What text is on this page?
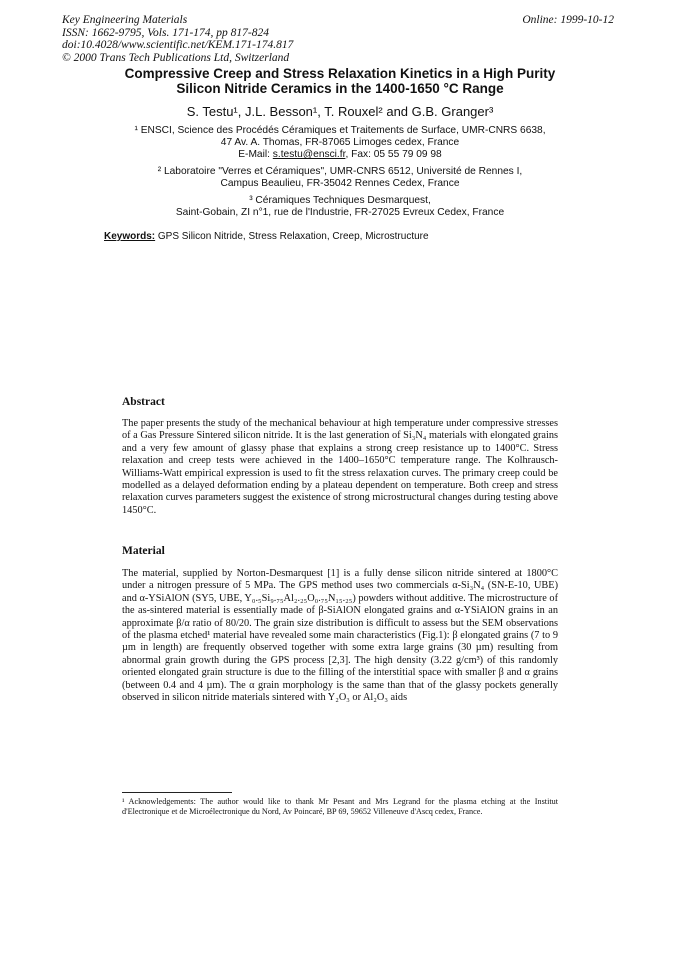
Key Engineering Materials
ISSN: 1662-9795, Vols. 171-174, pp 817-824
doi:10.4028/www.scientific.net/KEM.171-174.817
© 2000 Trans Tech Publications Ltd, Switzerland
Online: 1999-10-12
Compressive Creep and Stress Relaxation Kinetics in a High Purity
Silicon Nitride Ceramics in the 1400-1650 °C Range
S. Testu¹, J.L. Besson¹, T. Rouxel² and G.B. Granger³
¹ ENSCI, Science des Procédés Céramiques et Traitements de Surface, UMR-CNRS 6638,
47 Av. A. Thomas, FR-87065 Limoges cedex, France
E-Mail: s.testu@ensci.fr, Fax: 05 55 79 09 98
² Laboratoire "Verres et Céramiques", UMR-CNRS 6512, Université de Rennes I,
Campus Beaulieu, FR-35042 Rennes Cedex, France
³ Céramiques Techniques Desmarquest,
Saint-Gobain, ZI n°1, rue de l'Industrie, FR-27025 Evreux Cedex, France
Keywords: GPS Silicon Nitride, Stress Relaxation, Creep, Microstructure
Abstract
The paper presents the study of the mechanical behaviour at high temperature under compressive stresses of a Gas Pressure Sintered silicon nitride. It is the last generation of Si₃N₄ materials with elongated grains and a very few amount of glassy phase that explains a strong creep resistance up to 1400°C. Stress relaxation and creep tests were achieved in the 1400–1650°C temperature range. The Kolhrausch-Williams-Watt empirical expression is used to fit the stress relaxation curves. The primary creep could be modelled as a delayed deformation ending by a plateau dependent on temperature. Both creep and stress relaxation curves parameters suggest the existence of strong microstructural changes during testing above 1450°C.
Material
The material, supplied by Norton-Desmarquest [1] is a fully dense silicon nitride sintered at 1800°C under a nitrogen pressure of 5 MPa. The GPS method uses two commercials α-Si₃N₄ (SN-E-10, UBE) and α-YSiAlON (SY5, UBE, Y₀.₅Si₉.₇₅Al₂.₂₅O₀.₇₅N₁₅.₂₅) powders without additive. The microstructure of the as-sintered material is essentially made of β-SiAlON elongated grains and α-YSiAlON grains in an approximate β/α ratio of 80/20. The grain size distribution is difficult to assess but the SEM observations of the plasma etched¹ material have revealed some main characteristics (Fig.1): β elongated grains (7 to 9 µm in length) are frequently observed together with some extra large grains (30 µm) resulting from abnormal grain growth during the GPS process [2,3]. The high density (3.22 g/cm³) of this randomly oriented elongated grain structure is due to the filling of the interstitial space with smaller β and α grains (between 0.4 and 4 µm). The α grain morphology is the same than that of the glassy pockets generally observed in silicon nitride materials sintered with Y₂O₃ or Al₂O₃ aids
¹ Acknowledgements: The author would like to thank Mr Pesant and Mrs Legrand for the plasma etching at the Institut d'Electronique et de Microélectronique du Nord, Av Poincaré, BP 69, 59652 Villeneuve d'Ascq cedex, France.
